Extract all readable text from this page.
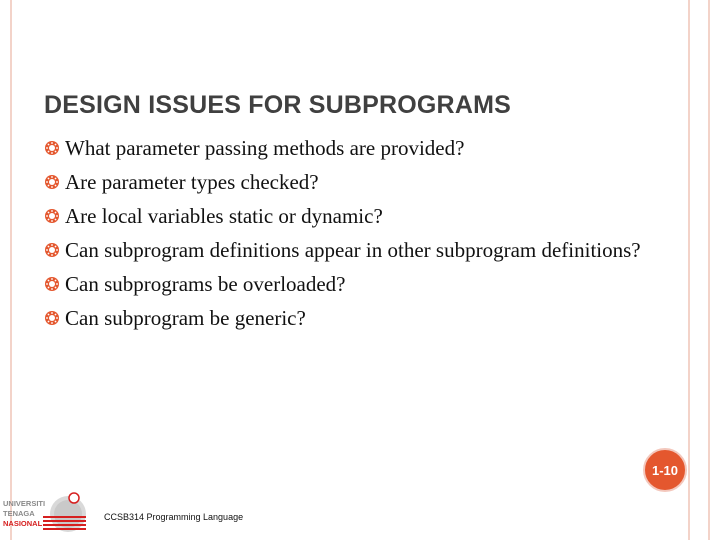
DESIGN ISSUES FOR SUBPROGRAMS
What parameter passing methods are provided?
Are parameter types checked?
Are local variables static or dynamic?
Can subprogram definitions appear in other subprogram definitions?
Can subprograms be overloaded?
Can subprogram be generic?
1-10
UNIVERSITI
TENAGA
NASIONAL
CCSB314 Programming Language
